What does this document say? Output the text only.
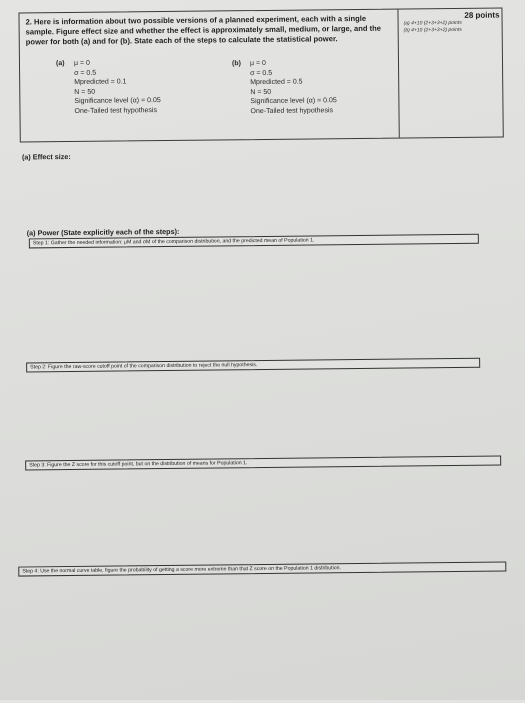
2. Here is information about two possible versions of a planned experiment, each with a single sample. Figure effect size and whether the effect is approximately small, medium, or large, and the power for both (a) and for (b). State each of the steps to calculate the statistical power.
28 points
(a) 4+10 (2+3+3+2) points
(b) 4+10 (2+3+3+2) points
(a) μ = 0
σ = 0.5
Mpredicted = 0.1
N = 50
Significance level (α) = 0.05
One-Tailed test hypothesis
(b) μ = 0
σ = 0.5
Mpredicted = 0.5
N = 50
Significance level (α) = 0.05
One-Tailed test hypothesis
(a) Effect size:
(a) Power (State explicitly each of the steps):
Step 1: Gather the needed information: μM and σM of the comparison distribution, and the predicted mean of Population 1.
Step 2: Figure the raw-score cutoff point of the comparison distribution to reject the null hypothesis.
Step 3: Figure the Z score for this cutoff point, but on the distribution of means for Population 1.
Step 4: Use the normal curve table, figure the probability of getting a score more extreme than that Z score on the Population 1 distribution.
